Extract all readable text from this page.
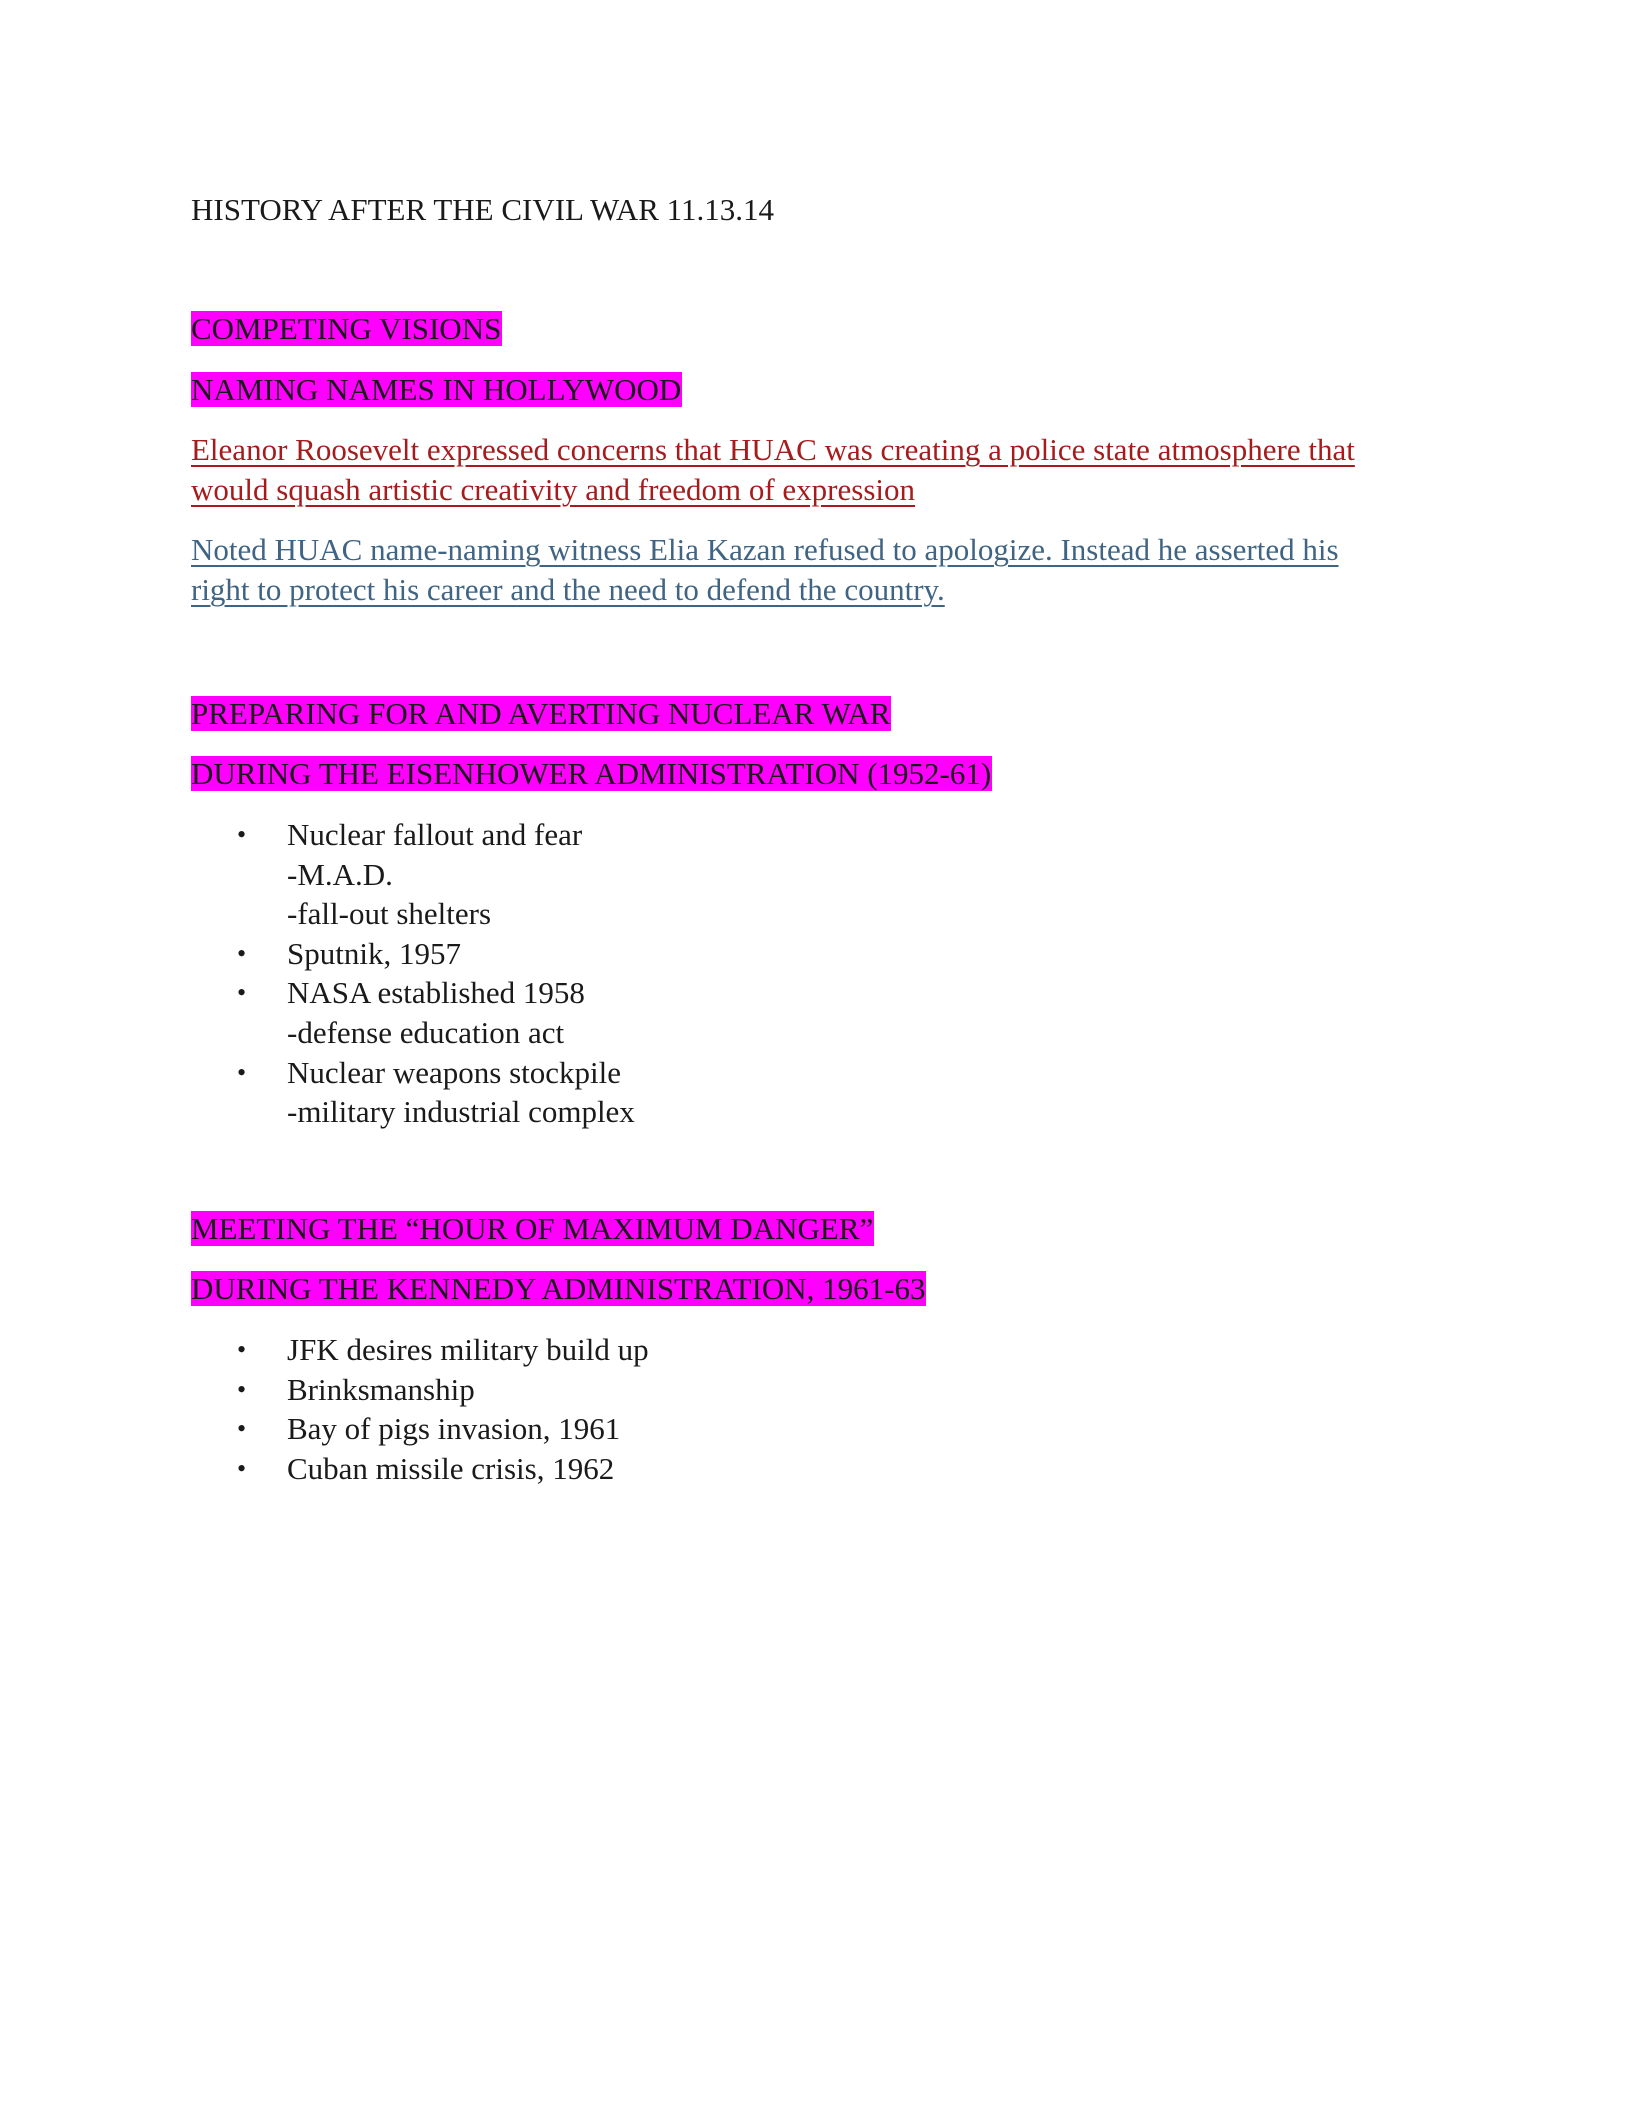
HISTORY AFTER THE CIVIL WAR 11.13.14
COMPETING VISIONS
NAMING NAMES IN HOLLYWOOD
Eleanor Roosevelt expressed concerns that HUAC was creating a police state atmosphere that
would squash artistic creativity and freedom of expression
Noted HUAC name-naming witness Elia Kazan refused to apologize. Instead he asserted his
right to protect his career and the need to defend the country.
PREPARING FOR AND AVERTING NUCLEAR WAR
DURING THE EISENHOWER ADMINISTRATION (1952-61)
• Nuclear fallout and fear
-M.A.D.
-fall-out shelters
• Sputnik, 1957
• NASA established 1958
-defense education act
• Nuclear weapons stockpile
-military industrial complex
MEETING THE “HOUR OF MAXIMUM DANGER”
DURING THE KENNEDY ADMINISTRATION, 1961-63
• JFK desires military build up
• Brinksmanship
• Bay of pigs invasion, 1961
• Cuban missile crisis, 1962
